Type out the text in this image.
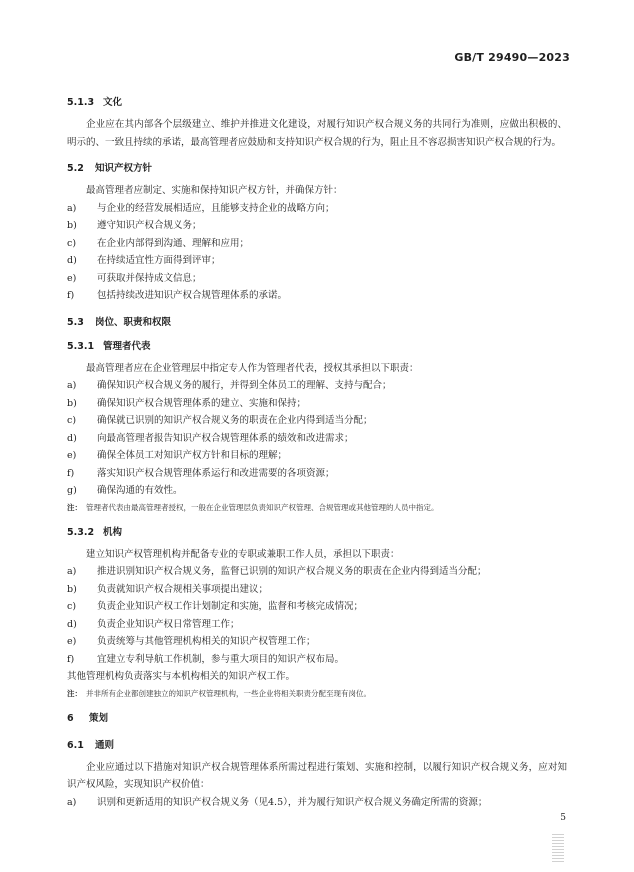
GB/T 29490—2023
5.1.3 文化
企业应在其内部各个层级建立、维护并推进文化建设，对履行知识产权合规义务的共同行为准则，应做出积极的、明示的、一致且持续的承诺，最高管理者应鼓励和支持知识产权合规的行为，阻止且不容忍损害知识产权合规的行为。
5.2 知识产权方针
最高管理者应制定、实施和保持知识产权方针，并确保方针：
a) 与企业的经营发展相适应，且能够支持企业的战略方向；
b) 遵守知识产权合规义务；
c) 在企业内部得到沟通、理解和应用；
d) 在持续适宜性方面得到评审；
e) 可获取并保持成文信息；
f) 包括持续改进知识产权合规管理体系的承诺。
5.3 岗位、职责和权限
5.3.1 管理者代表
最高管理者应在企业管理层中指定专人作为管理者代表，授权其承担以下职责：
a) 确保知识产权合规义务的履行，并得到全体员工的理解、支持与配合；
b) 确保知识产权合规管理体系的建立、实施和保持；
c) 确保就已识别的知识产权合规义务的职责在企业内得到适当分配；
d) 向最高管理者报告知识产权合规管理体系的绩效和改进需求；
e) 确保全体员工对知识产权方针和目标的理解；
f) 落实知识产权合规管理体系运行和改进需要的各项资源；
g) 确保沟通的有效性。
注： 管理者代表由最高管理者授权，一般在企业管理层负责知识产权管理、合规管理或其他管理的人员中指定。
5.3.2 机构
建立知识产权管理机构并配备专业的专职或兼职工作人员，承担以下职责：
a) 推进识别知识产权合规义务，监督已识别的知识产权合规义务的职责在企业内得到适当分配；
b) 负责就知识产权合规相关事项提出建议；
c) 负责企业知识产权工作计划制定和实施，监督和考核完成情况；
d) 负责企业知识产权日常管理工作；
e) 负责统筹与其他管理机构相关的知识产权管理工作；
f) 宜建立专利导航工作机制，参与重大项目的知识产权布局。
其他管理机构负责落实与本机构相关的知识产权工作。
注： 并非所有企业都创建独立的知识产权管理机构，一些企业将相关职责分配至现有岗位。
6 策划
6.1 通则
企业应通过以下措施对知识产权合规管理体系所需过程进行策划、实施和控制，以履行知识产权合规义务，应对知识产权风险，实现知识产权价值：
a) 识别和更新适用的知识产权合规义务（见4.5），并为履行知识产权合规义务确定所需的资源；
5
